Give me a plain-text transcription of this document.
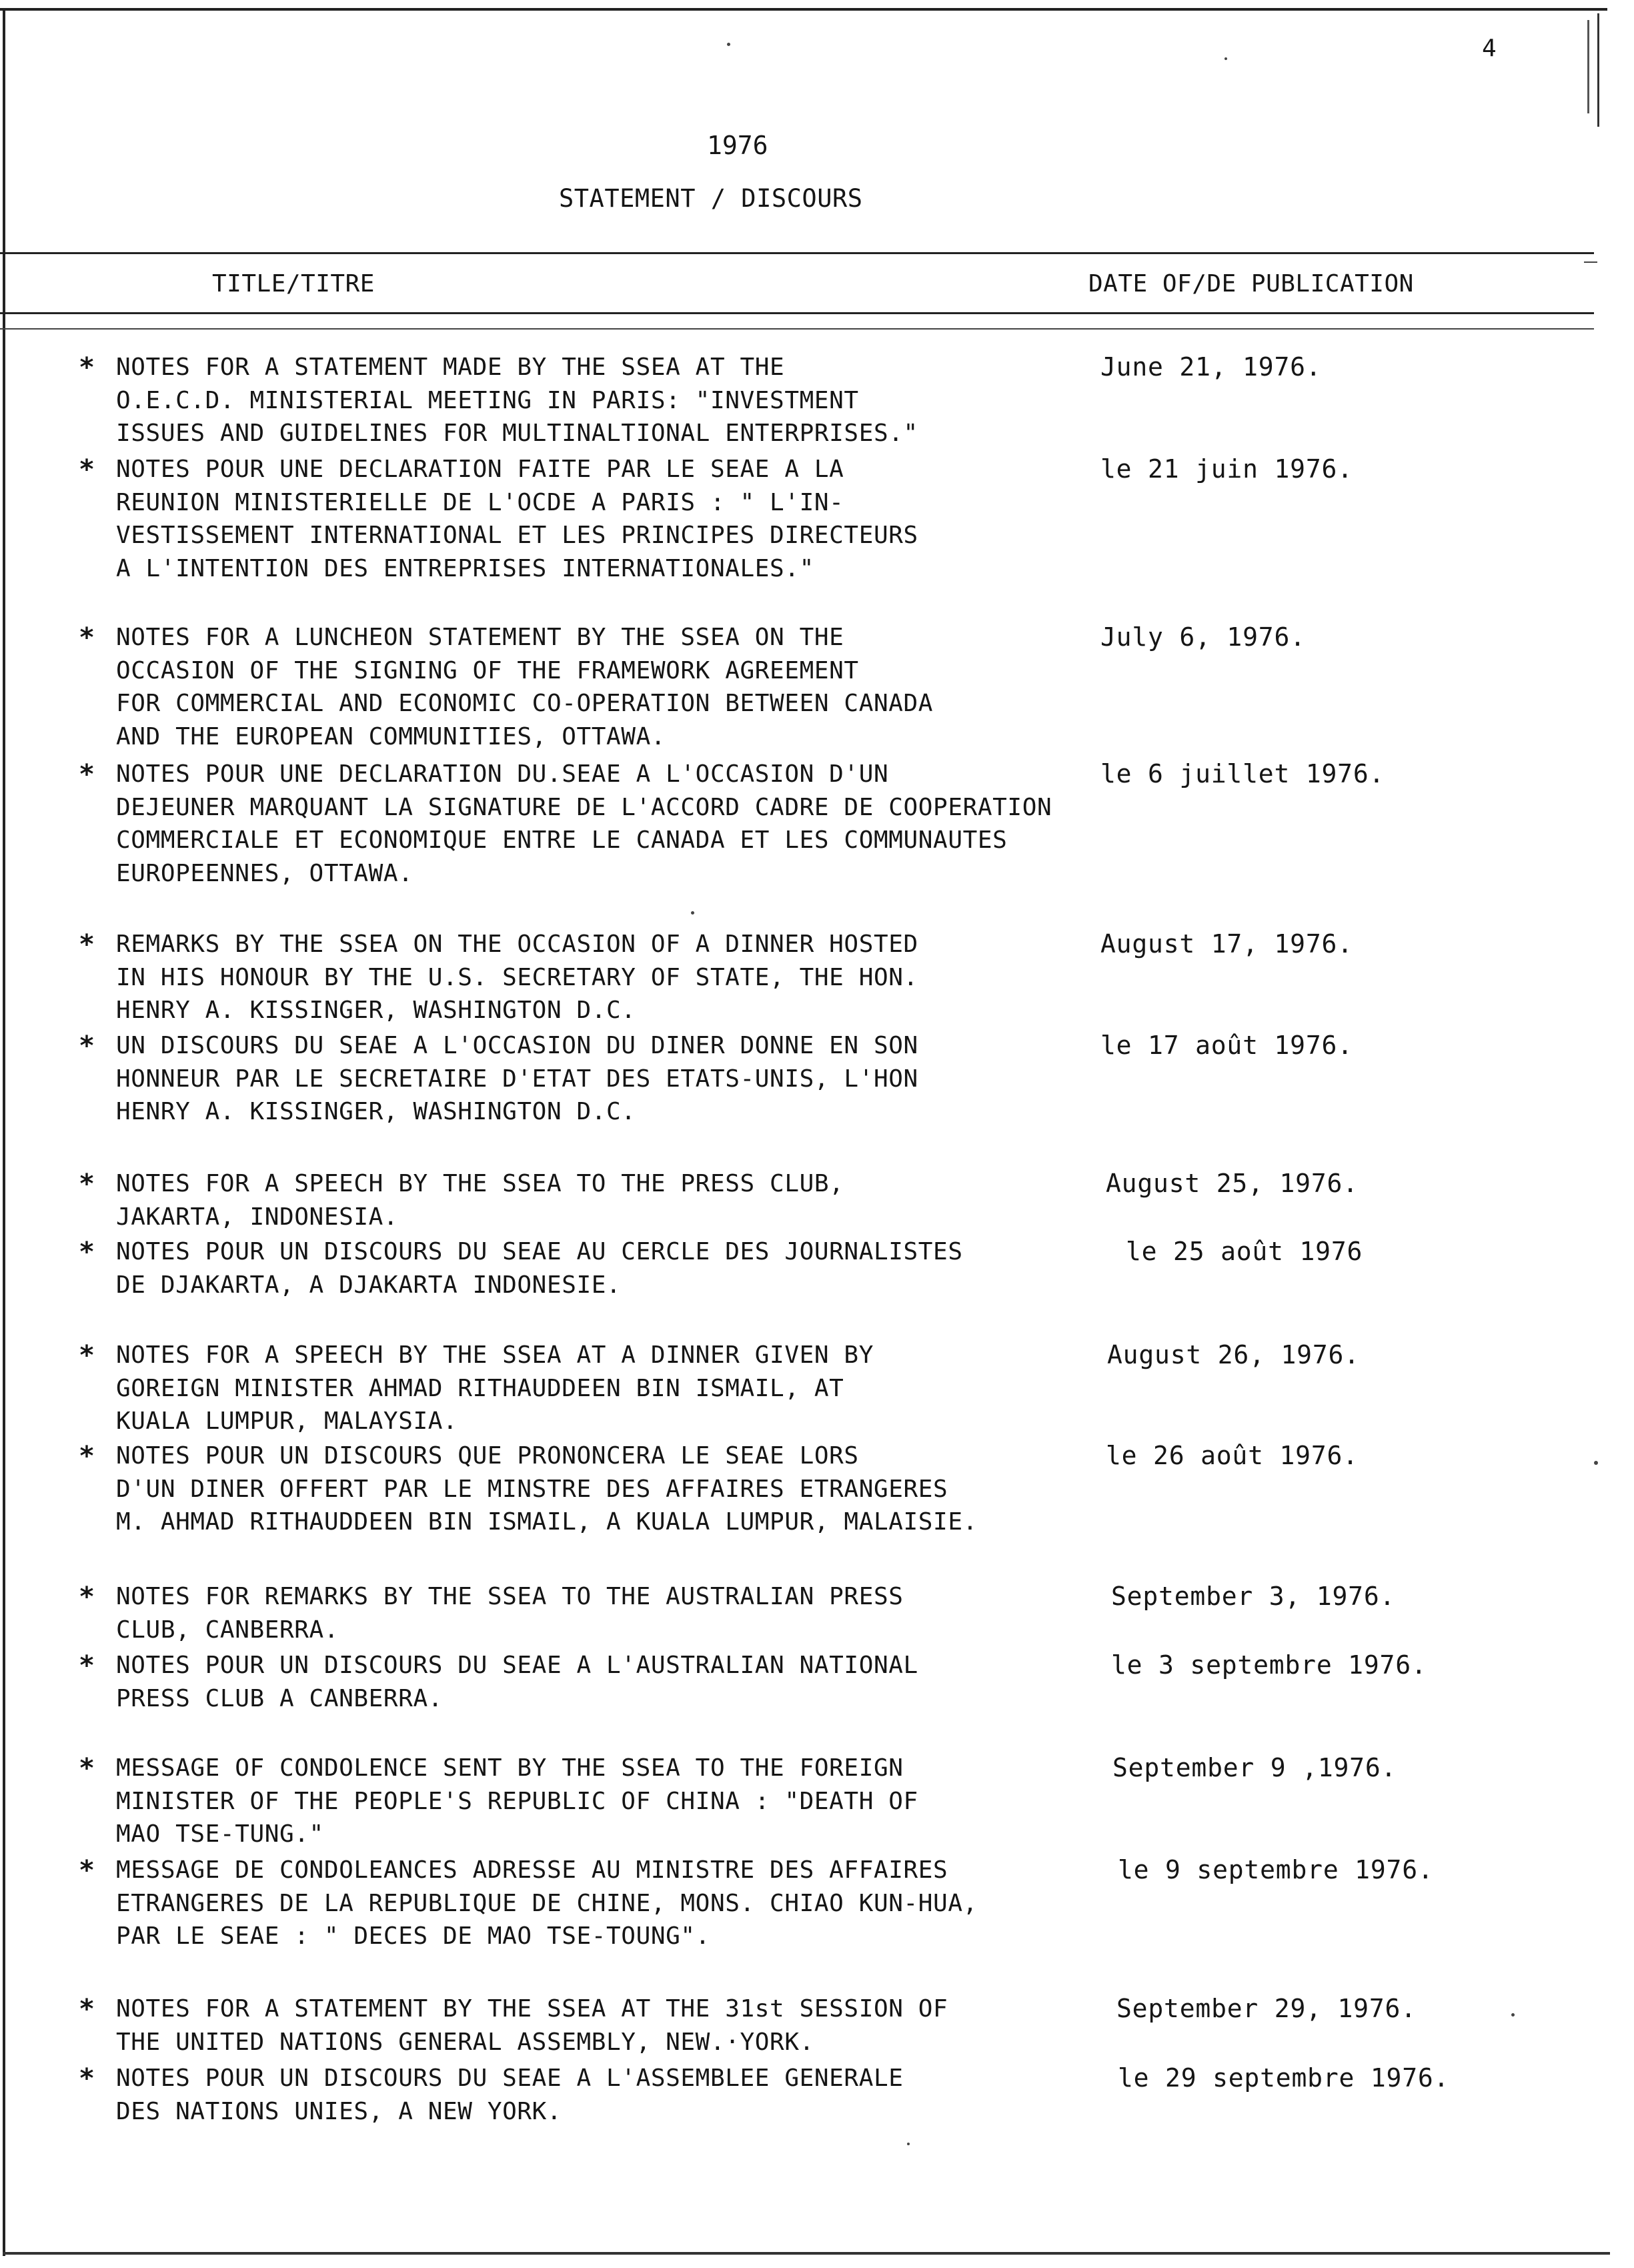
4
1976
STATEMENT / DISCOURS
TITLE/TITRE	DATE OF/DE PUBLICATION
* NOTES FOR A STATEMENT MADE BY THE SSEA AT THE
O.E.C.D. MINISTERIAL MEETING IN PARIS: "INVESTMENT
ISSUES AND GUIDELINES FOR MULTINALTIONAL ENTERPRISES."
June 21, 1976.
* NOTES POUR UNE DECLARATION FAITE PAR LE SEAE A LA
REUNION MINISTERIELLE DE L'OCDE A PARIS : " L'IN-
VESTISSEMENT INTERNATIONAL ET LES PRINCIPES DIRECTEURS
A L'INTENTION DES ENTREPRISES INTERNATIONALES."
le 21 juin 1976.
* NOTES FOR A LUNCHEON STATEMENT BY THE SSEA ON THE
OCCASION OF THE SIGNING OF THE FRAMEWORK AGREEMENT
FOR COMMERCIAL AND ECONOMIC CO-OPERATION BETWEEN CANADA
AND THE EUROPEAN COMMUNITIES, OTTAWA.
July 6, 1976.
* NOTES POUR UNE DECLARATION DU.SEAE A L'OCCASION D'UN
DEJEUNER MARQUANT LA SIGNATURE DE L'ACCORD CADRE DE COOPERATION
COMMERCIALE ET ECONOMIQUE ENTRE LE CANADA ET LES COMMUNAUTES
EUROPEENNES, OTTAWA.
le 6 juillet 1976.
* REMARKS BY THE SSEA ON THE OCCASION OF A DINNER HOSTED
IN HIS HONOUR BY THE U.S. SECRETARY OF STATE, THE HON.
HENRY A. KISSINGER, WASHINGTON D.C.
August 17, 1976.
* UN DISCOURS DU SEAE A L'OCCASION DU DINER DONNE EN SON
HONNEUR PAR LE SECRETAIRE D'ETAT DES ETATS-UNIS, L'HON
HENRY A. KISSINGER, WASHINGTON D.C.
le 17 août 1976.
* NOTES FOR A SPEECH BY THE SSEA TO THE PRESS CLUB,
JAKARTA, INDONESIA.
August 25, 1976.
* NOTES POUR UN DISCOURS DU SEAE AU CERCLE DES JOURNALISTES
DE DJAKARTA, A DJAKARTA INDONESIE.
le 25 août 1976
* NOTES FOR A SPEECH BY THE SSEA AT A DINNER GIVEN BY
GOREIGN MINISTER AHMAD RITHAUDDEEN BIN ISMAIL, AT
KUALA LUMPUR, MALAYSIA.
August 26, 1976.
* NOTES POUR UN DISCOURS QUE PRONONCERA LE SEAE LORS
D'UN DINER OFFERT PAR LE MINSTRE DES AFFAIRES ETRANGERES
M. AHMAD RITHAUDDEEN BIN ISMAIL, A KUALA LUMPUR, MALAISIE.
le 26 août 1976.
* NOTES FOR REMARKS BY THE SSEA TO THE AUSTRALIAN PRESS
CLUB, CANBERRA.
September 3, 1976.
* NOTES POUR UN DISCOURS DU SEAE A L'AUSTRALIAN NATIONAL
PRESS CLUB A CANBERRA.
le 3 septembre 1976.
* MESSAGE OF CONDOLENCE SENT BY THE SSEA TO THE FOREIGN
MINISTER OF THE PEOPLE'S REPUBLIC OF CHINA : "DEATH OF
MAO TSE-TUNG."
September 9 ,1976.
* MESSAGE DE CONDOLEANCES ADRESSE AU MINISTRE DES AFFAIRES
ETRANGERES DE LA REPUBLIQUE DE CHINE, MONS. CHIAO KUN-HUA,
PAR LE SEAE : " DECES DE MAO TSE-TOUNG".
le 9 septembre 1976.
* NOTES FOR A STATEMENT BY THE SSEA AT THE 31st SESSION OF
THE UNITED NATIONS GENERAL ASSEMBLY, NEW.·YORK.
September 29, 1976.
* NOTES POUR UN DISCOURS DU SEAE A L'ASSEMBLEE GENERALE
DES NATIONS UNIES, A NEW YORK.
le 29 septembre 1976.
